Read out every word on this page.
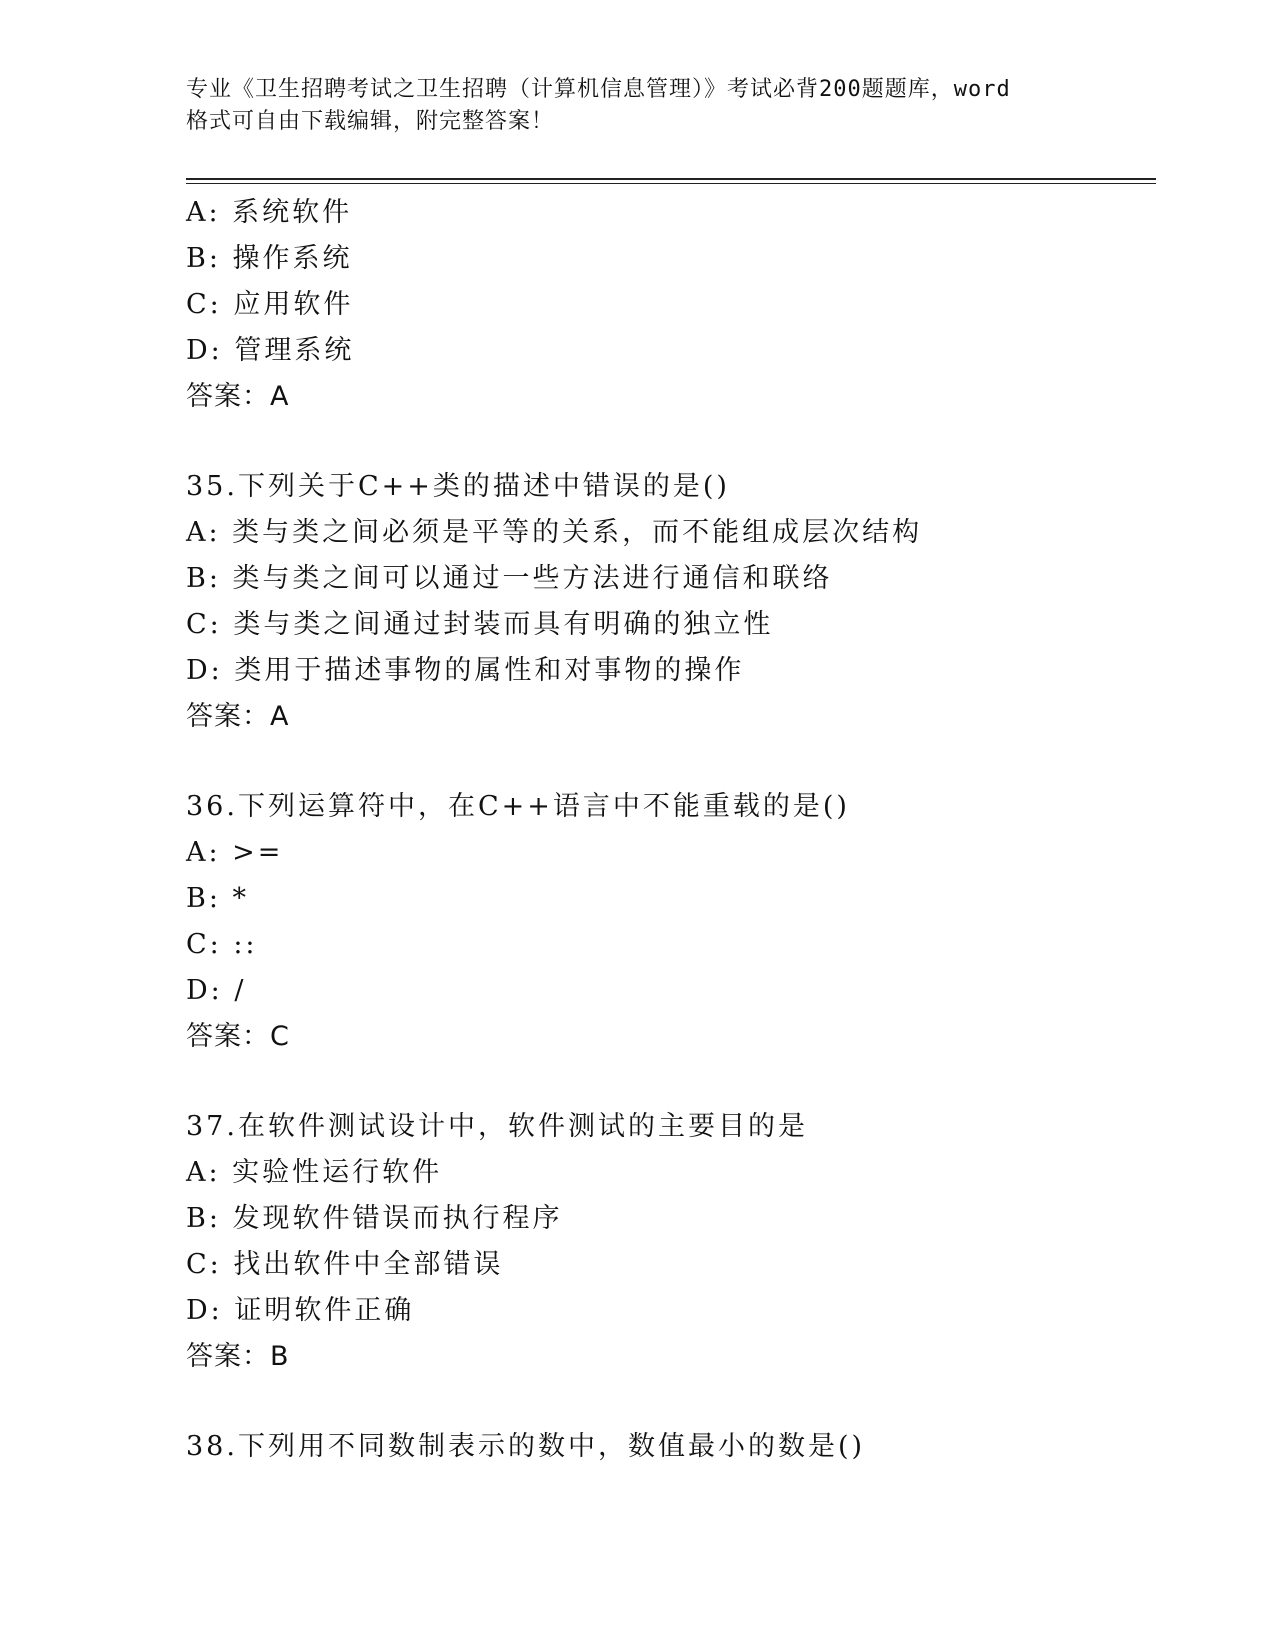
专业《卫生招聘考试之卫生招聘（计算机信息管理）》考试必背200题题库，word
格式可自由下载编辑，附完整答案！
A: 系统软件
B: 操作系统
C: 应用软件
D: 管理系统
答案：A
35.下列关于C++类的描述中错误的是()
A: 类与类之间必须是平等的关系，而不能组成层次结构
B: 类与类之间可以通过一些方法进行通信和联络
C: 类与类之间通过封装而具有明确的独立性
D: 类用于描述事物的属性和对事物的操作
答案：A
36.下列运算符中，在C++语言中不能重载的是()
A: >=
B: *
C: ::
D: /
答案：C
37.在软件测试设计中，软件测试的主要目的是
A: 实验性运行软件
B: 发现软件错误而执行程序
C: 找出软件中全部错误
D: 证明软件正确
答案：B
38.下列用不同数制表示的数中，数值最小的数是()
